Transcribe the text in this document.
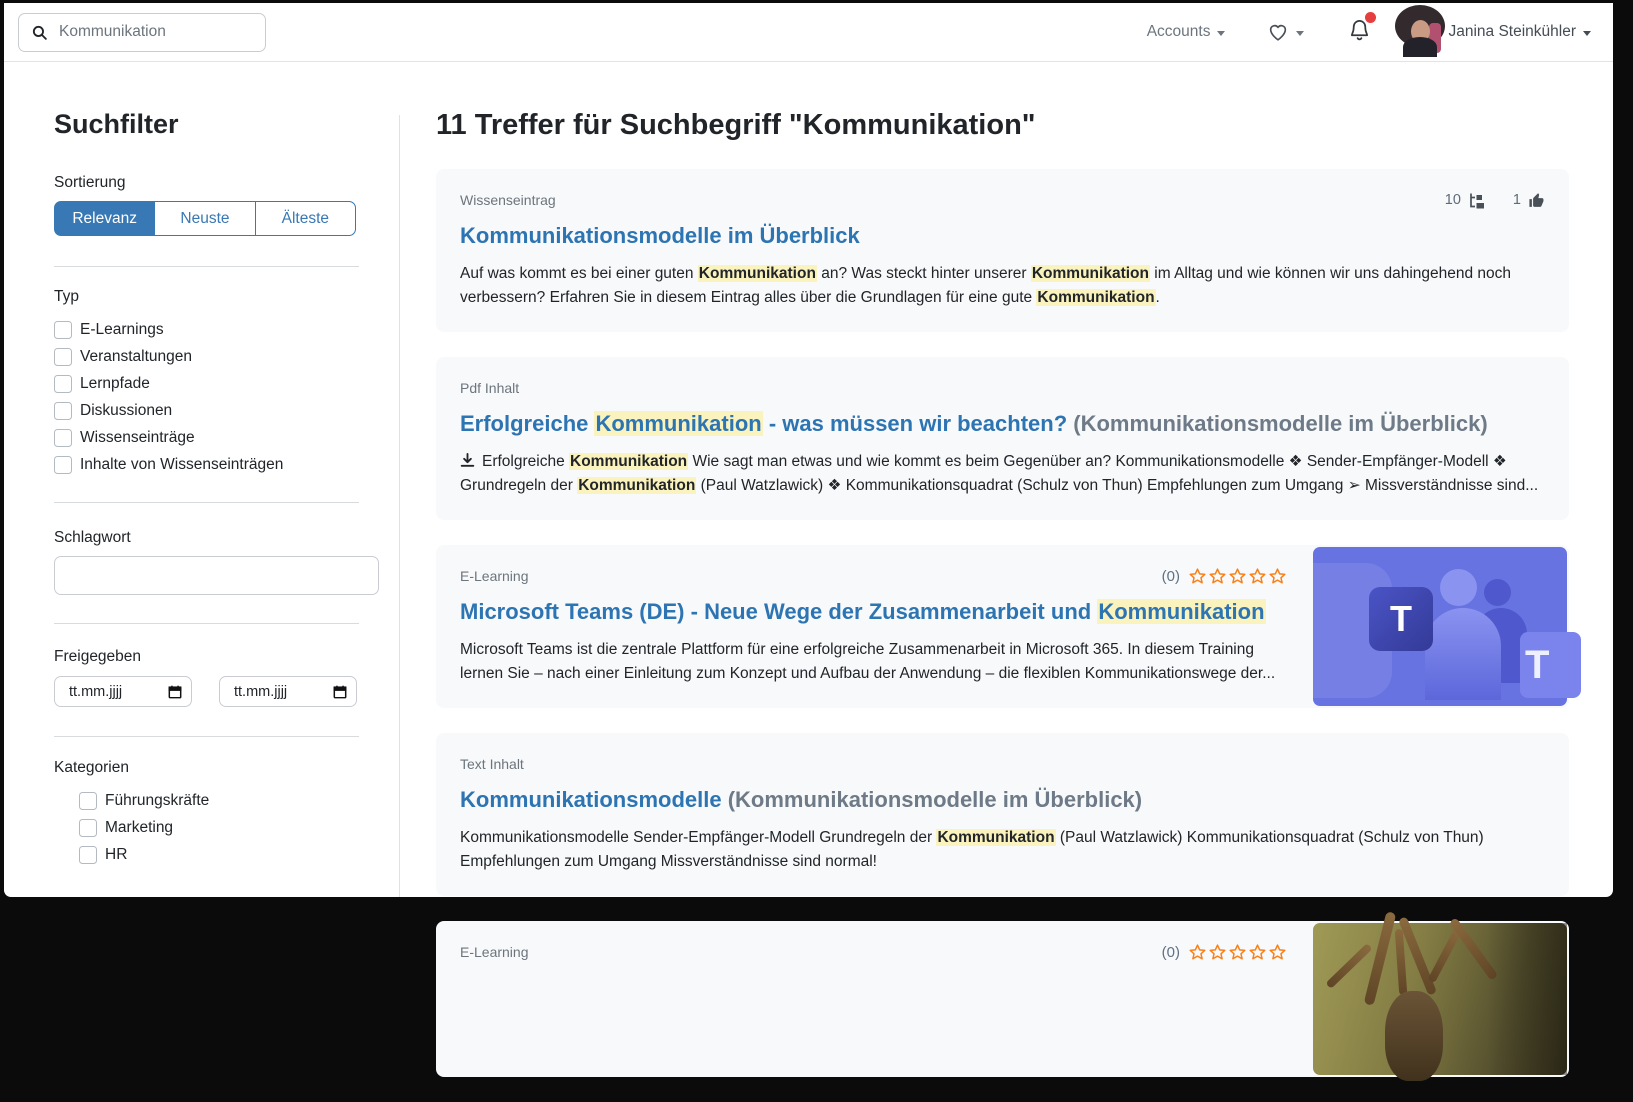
Kommunikation
Accounts	Janina Steinkühler
Suchfilter
Sortierung
Relevanz	Neuste	Älteste
Typ
E-Learnings
Veranstaltungen
Lernpfade
Diskussionen
Wissenseinträge
Inhalte von Wissenseinträgen
Schlagwort
Freigegeben
tt.mm.jjjj	tt.mm.jjjj
Kategorien
Führungskräfte
Marketing
HR
11 Treffer für Suchbegriff "Kommunikation"
Wissenseintrag	10	1
Kommunikationsmodelle im Überblick

Auf was kommt es bei einer guten Kommunikation an? Was steckt hinter unserer Kommunikation im Alltag und wie können wir uns dahingehend noch verbessern? Erfahren Sie in diesem Eintrag alles über die Grundlagen für eine gute Kommunikation.

Pdf Inhalt
Erfolgreiche Kommunikation - was müssen wir beachten? (Kommunikationsmodelle im Überblick)

Erfolgreiche Kommunikation Wie sagt man etwas und wie kommt es beim Gegenüber an? Kommunikationsmodelle ❖ Sender-Empfänger-Modell ❖ Grundregeln der Kommunikation (Paul Watzlawick) ❖ Kommunikationsquadrat (Schulz von Thun) Empfehlungen zum Umgang ➢ Missverständnisse sind...

E-Learning	(0)
Microsoft Teams (DE) - Neue Wege der Zusammenarbeit und Kommunikation

Microsoft Teams ist die zentrale Plattform für eine erfolgreiche Zusammenarbeit in Microsoft 365. In diesem Training lernen Sie – nach einer Einleitung zum Konzept und Aufbau der Anwendung – die flexiblen Kommunikationswege der...

T
T
Text Inhalt
Kommunikationsmodelle (Kommunikationsmodelle im Überblick)

Kommunikationsmodelle Sender-Empfänger-Modell Grundregeln der Kommunikation (Paul Watzlawick) Kommunikationsquadrat (Schulz von Thun) Empfehlungen zum Umgang Missverständnisse sind normal!

E-Learning	(0)
